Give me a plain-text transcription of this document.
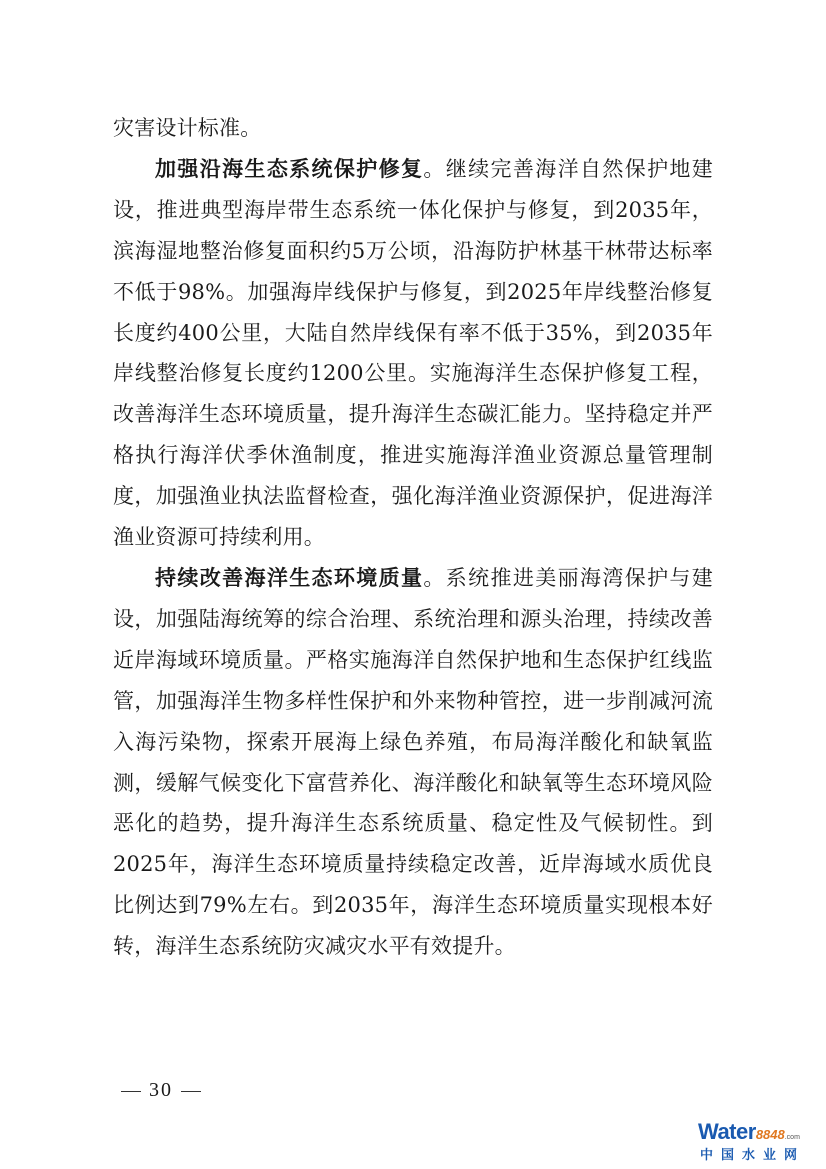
灾害设计标准。

加强沿海生态系统保护修复。继续完善海洋自然保护地建设，推进典型海岸带生态系统一体化保护与修复，到2035年，滨海湿地整治修复面积约5万公顷，沿海防护林基干林带达标率不低于98%。加强海岸线保护与修复，到2025年岸线整治修复长度约400公里，大陆自然岸线保有率不低于35%，到2035年岸线整治修复长度约1200公里。实施海洋生态保护修复工程，改善海洋生态环境质量，提升海洋生态碳汇能力。坚持稳定并严格执行海洋伏季休渔制度，推进实施海洋渔业资源总量管理制度，加强渔业执法监督检查，强化海洋渔业资源保护，促进海洋渔业资源可持续利用。

持续改善海洋生态环境质量。系统推进美丽海湾保护与建设，加强陆海统筹的综合治理、系统治理和源头治理，持续改善近岸海域环境质量。严格实施海洋自然保护地和生态保护红线监管，加强海洋生物多样性保护和外来物种管控，进一步削减河流入海污染物，探索开展海上绿色养殖，布局海洋酸化和缺氧监测，缓解气候变化下富营养化、海洋酸化和缺氧等生态环境风险恶化的趋势，提升海洋生态系统质量、稳定性及气候韧性。到2025年，海洋生态环境质量持续稳定改善，近岸海域水质优良比例达到79%左右。到2035年，海洋生态环境质量实现根本好转，海洋生态系统防灾减灾水平有效提升。

30
Water8848.com
中国水业网
